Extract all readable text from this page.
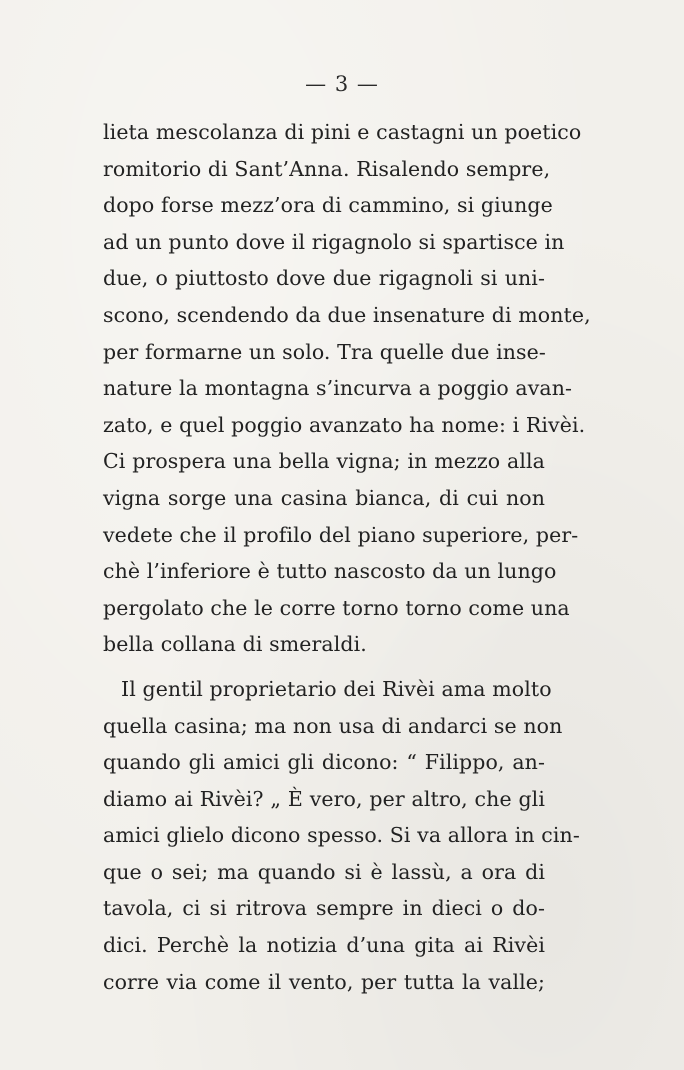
— 3 —
lieta mescolanza di pini e castagni un poetico
romitorio di Sant’Anna. Risalendo sempre,
dopo forse mezz’ora di cammino, si giunge
ad un punto dove il rigagnolo si spartisce in
due, o piuttosto dove due rigagnoli si uni-
scono, scendendo da due insenature di monte,
per formarne un solo. Tra quelle due inse-
nature la montagna s’incurva a poggio avan-
zato, e quel poggio avanzato ha nome: i Rivèi.
Ci prospera una bella vigna; in mezzo alla
vigna sorge una casina bianca, di cui non
vedete che il profilo del piano superiore, per-
chè l’inferiore è tutto nascosto da un lungo
pergolato che le corre torno torno come una
bella collana di smeraldi.
Il gentil proprietario dei Rivèi ama molto
quella casina; ma non usa di andarci se non
quando gli amici gli dicono: “ Filippo, an-
diamo ai Rivèi? „ È vero, per altro, che gli
amici glielo dicono spesso. Si va allora in cin-
que o sei; ma quando si è lassù, a ora di
tavola, ci si ritrova sempre in dieci o do-
dici. Perchè la notizia d’una gita ai Rivèi
corre via come il vento, per tutta la valle;
